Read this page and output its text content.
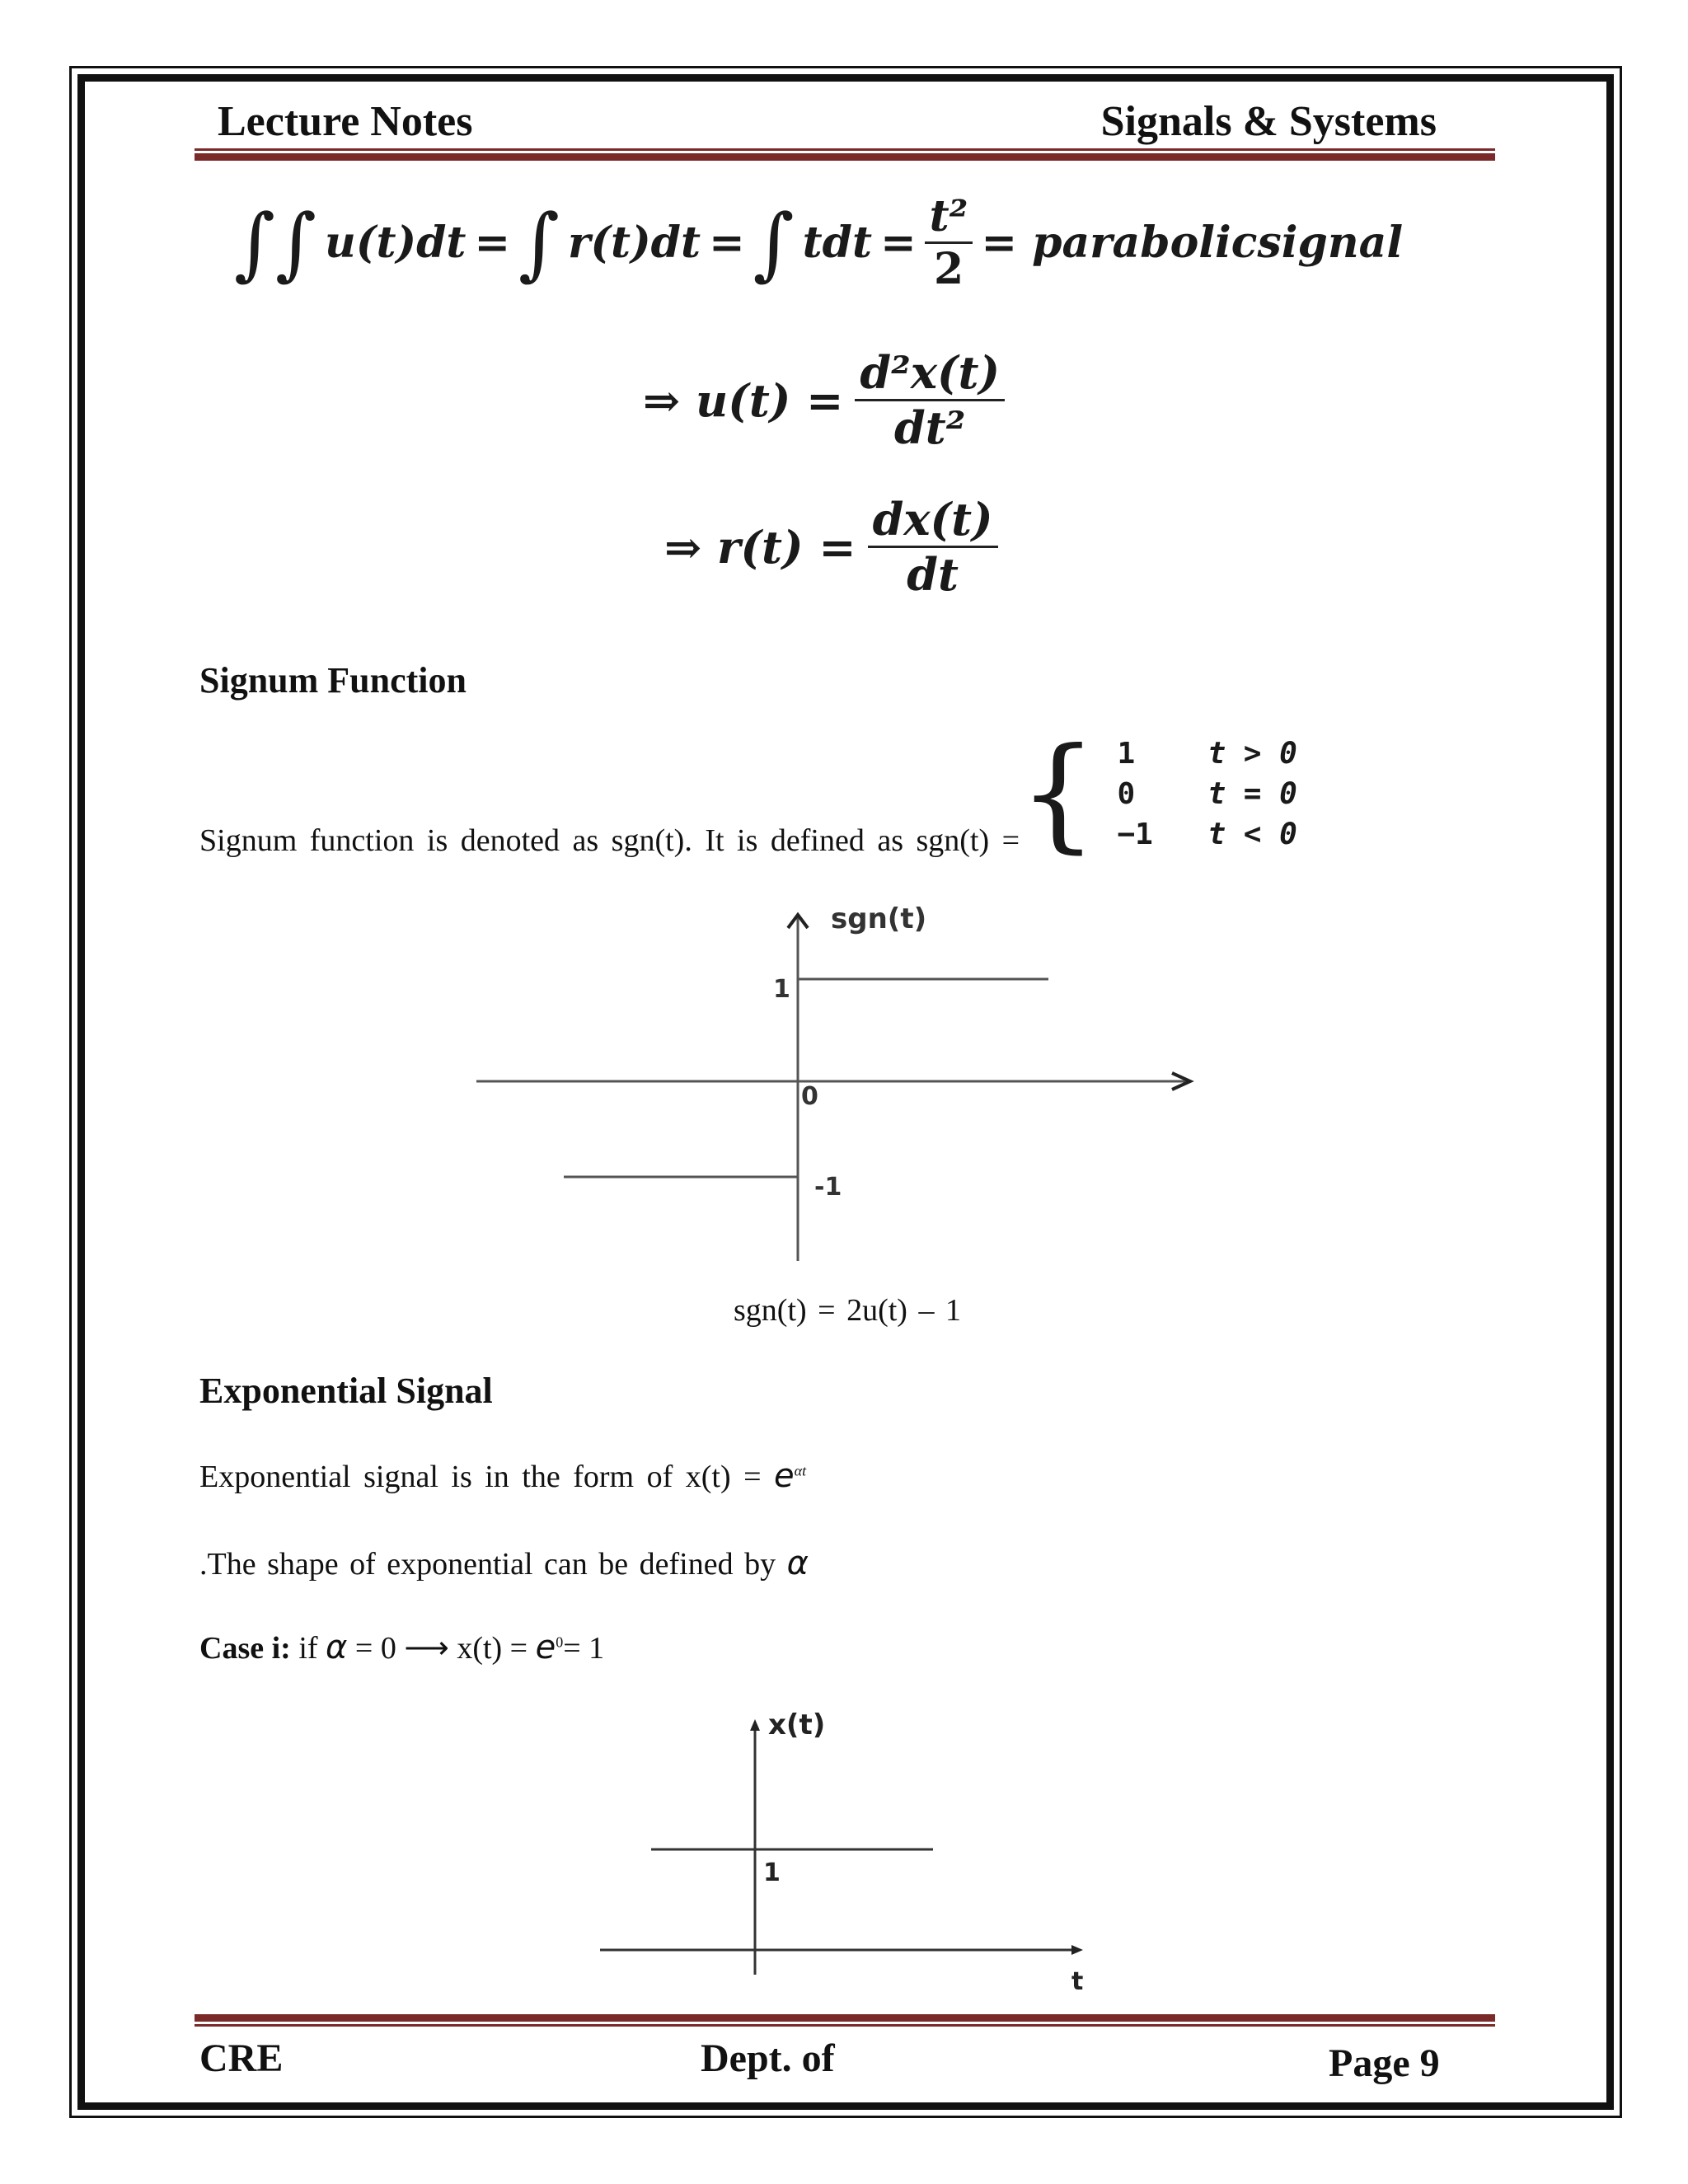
Lecture Notes	Signals & Systems
∫∫ u(t)dt = ∫ r(t)dt = ∫ tdt = $\frac{\text{t²}}{2}$ = parabolicsignal
⇒ $u(t) = \frac{\text{d²x(t)}}{\text{dt²}}$
⇒ $r(t) = \frac{dx(t)}{dt}$
Signum Function
Signum function is denoted as sgn(t). It is defined as sgn(t) =
{ 1	t > 0
0	t = 0
−1	t < 0
sgn(t)
1
0
-1
sgn(t) = 2u(t) – 1
Exponential Signal
Exponential signal is in the form of $x(t) = e^{\alpha t}$
.The shape of exponential can be defined by α
Case i: if α = 0 ⟶ $x(t) = e^0= 1$
x(t)
1
t
CRE	Dept. of	Page 9
